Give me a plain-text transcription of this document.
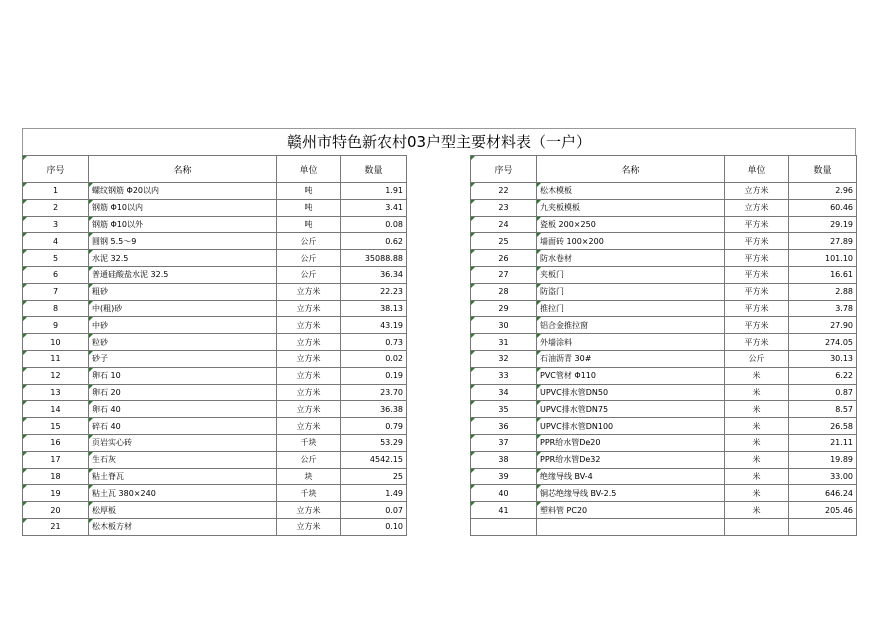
赣州市特色新农村03户型主要材料表（一户）
序号	名称	单位	数量		序号	名称	单位	数量
1	螺纹钢筋 Φ20以内	吨	1.91		22	松木模板	立方米	2.96
2	钢筋 Φ10以内	吨	3.41		23	九夹板模板	立方米	60.46
3	钢筋 Φ10以外	吨	0.08		24	瓷板 200×250	平方米	29.19
4	圆钢 5.5～9	公斤	0.62		25	墙面砖 100×200	平方米	27.89
5	水泥 32.5	公斤	35088.88		26	防水卷材	平方米	101.10
6	普通硅酸盐水泥 32.5	公斤	36.34		27	夹板门	平方米	16.61
7	粗砂	立方米	22.23		28	防盗门	平方米	2.88
8	中(粗)砂	立方米	38.13		29	推拉门	平方米	3.78
9	中砂	立方米	43.19		30	铝合金推拉窗	平方米	27.90
10	粒砂	立方米	0.73		31	外墙涂料	平方米	274.05
11	砂子	立方米	0.02		32	石油沥青 30#	公斤	30.13
12	卵石 10	立方米	0.19		33	PVC管材 Φ110	米	6.22
13	卵石 20	立方米	23.70		34	UPVC排水管DN50	米	0.87
14	卵石 40	立方米	36.38		35	UPVC排水管DN75	米	8.57
15	碎石 40	立方米	0.79		36	UPVC排水管DN100	米	26.58
16	页岩实心砖	千块	53.29		37	PPR给水管De20	米	21.11
17	生石灰	公斤	4542.15		38	PPR给水管De32	米	19.89
18	粘土脊瓦	块	25		39	绝缘导线 BV-4	米	33.00
19	粘土瓦 380×240	千块	1.49		40	铜芯绝缘导线 BV-2.5	米	646.24
20	松厚板	立方米	0.07		41	塑料管 PC20	米	205.46
21	松木板方材	立方米	0.10					
